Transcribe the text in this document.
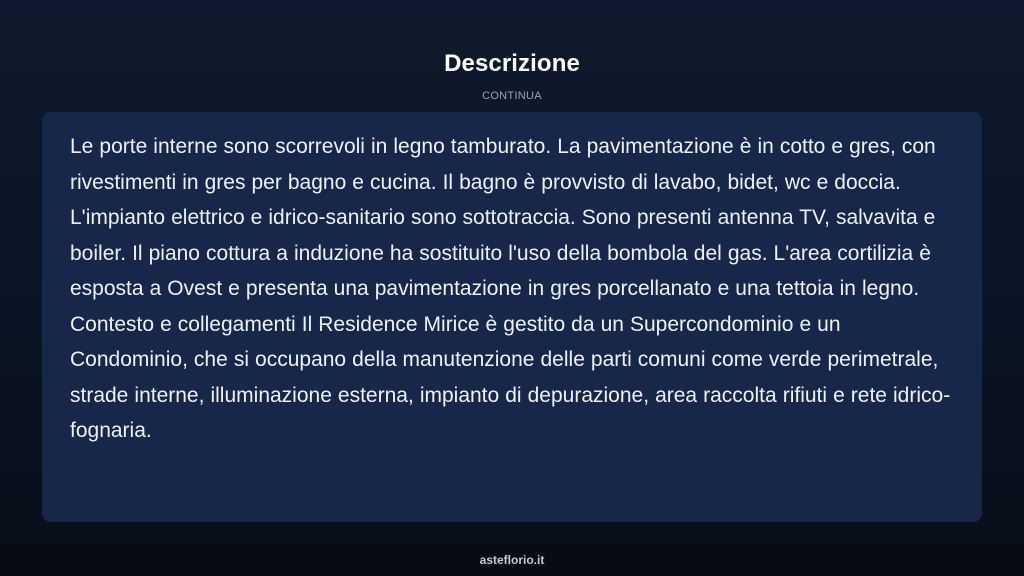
Descrizione
CONTINUA

Le porte interne sono scorrevoli in legno tamburato. La pavimentazione è in cotto e gres, con rivestimenti in gres per bagno e cucina. Il bagno è provvisto di lavabo, bidet, wc e doccia. L'impianto elettrico e idrico-sanitario sono sottotraccia. Sono presenti antenna TV, salvavita e boiler. Il piano cottura a induzione ha sostituito l'uso della bombola del gas. L'area cortilizia è esposta a Ovest e presenta una pavimentazione in gres porcellanato e una tettoia in legno. Contesto e collegamenti Il Residence Mirice è gestito da un Supercondominio e un Condominio, che si occupano della manutenzione delle parti comuni come verde perimetrale, strade interne, illuminazione esterna, impianto di depurazione, area raccolta rifiuti e rete idrico-fognaria.

asteflorio.it
